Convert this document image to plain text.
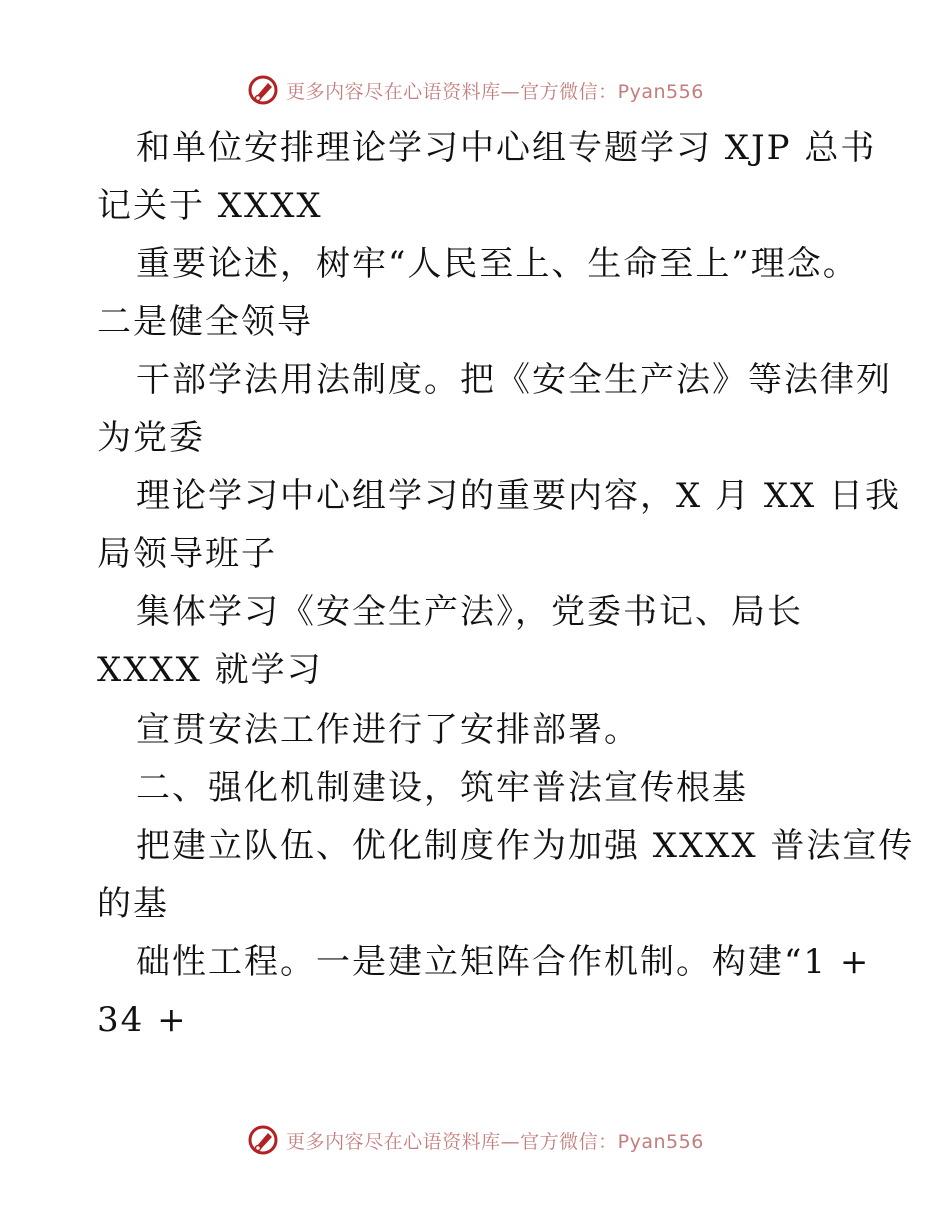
更多内容尽在心语资料库—官方微信：Pyan556
和单位安排理论学习中心组专题学习 XJP 总书
记关于 XXXX
重要论述，树牢“人民至上、生命至上”理念。
二是健全领导
干部学法用法制度。把《安全生产法》等法律列
为党委
理论学习中心组学习的重要内容，X 月 XX 日我
局领导班子
集体学习《安全生产法》，党委书记、局长
XXXX 就学习
宣贯安法工作进行了安排部署。
二、强化机制建设，筑牢普法宣传根基
把建立队伍、优化制度作为加强 XXXX 普法宣传
的基
础性工程。一是建立矩阵合作机制。构建“1 +
34 +
更多内容尽在心语资料库—官方微信：Pyan556
